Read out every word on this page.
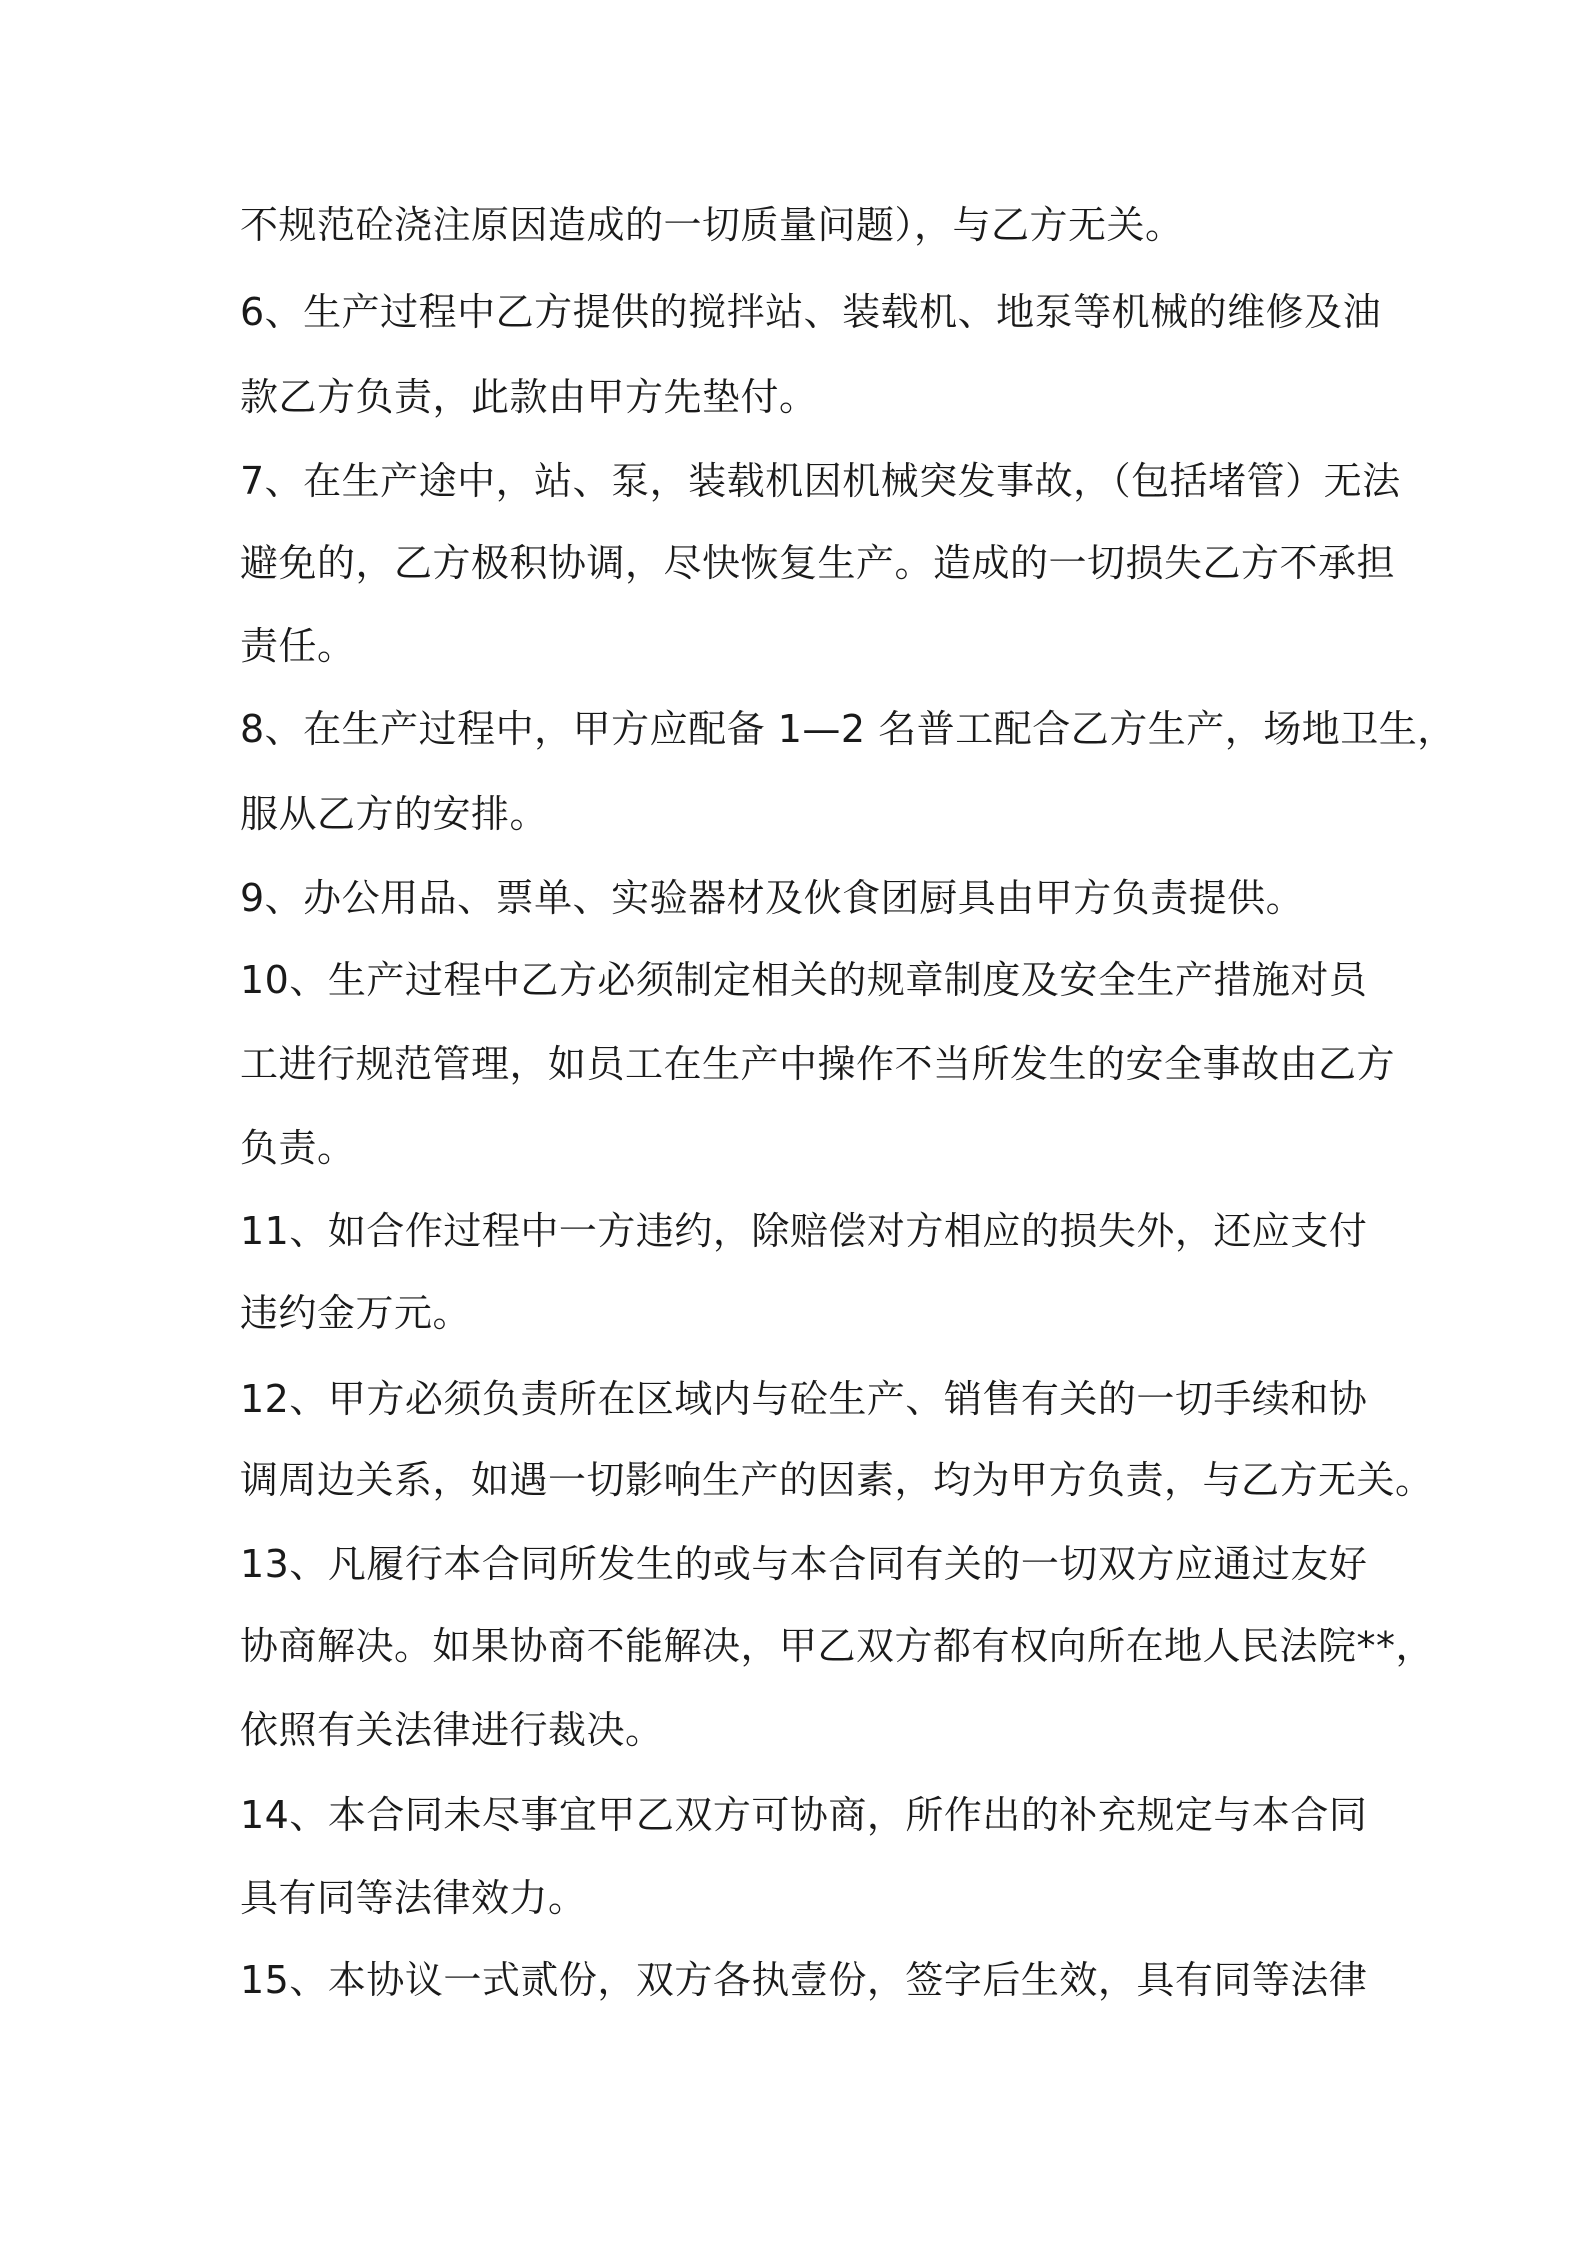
不规范砼浇注原因造成的一切质量问题），与乙方无关。
6、生产过程中乙方提供的搅拌站、装载机、地泵等机械的维修及油
款乙方负责，此款由甲方先垫付。
7、在生产途中，站、泵，装载机因机械突发事故，（包括堵管）无法
避免的，乙方极积协调，尽快恢复生产。造成的一切损失乙方不承担
责任。
8、在生产过程中，甲方应配备 1—2 名普工配合乙方生产，场地卫生，
服从乙方的安排。
9、办公用品、票单、实验器材及伙食团厨具由甲方负责提供。
10、生产过程中乙方必须制定相关的规章制度及安全生产措施对员
工进行规范管理，如员工在生产中操作不当所发生的安全事故由乙方
负责。
11、如合作过程中一方违约，除赔偿对方相应的损失外，还应支付
违约金万元。
12、甲方必须负责所在区域内与砼生产、销售有关的一切手续和协
调周边关系，如遇一切影响生产的因素，均为甲方负责，与乙方无关。
13、凡履行本合同所发生的或与本合同有关的一切双方应通过友好
协商解决。如果协商不能解决，甲乙双方都有权向所在地人民法院**，
依照有关法律进行裁决。
14、本合同未尽事宜甲乙双方可协商，所作出的补充规定与本合同
具有同等法律效力。
15、本协议一式贰份，双方各执壹份，签字后生效，具有同等法律
